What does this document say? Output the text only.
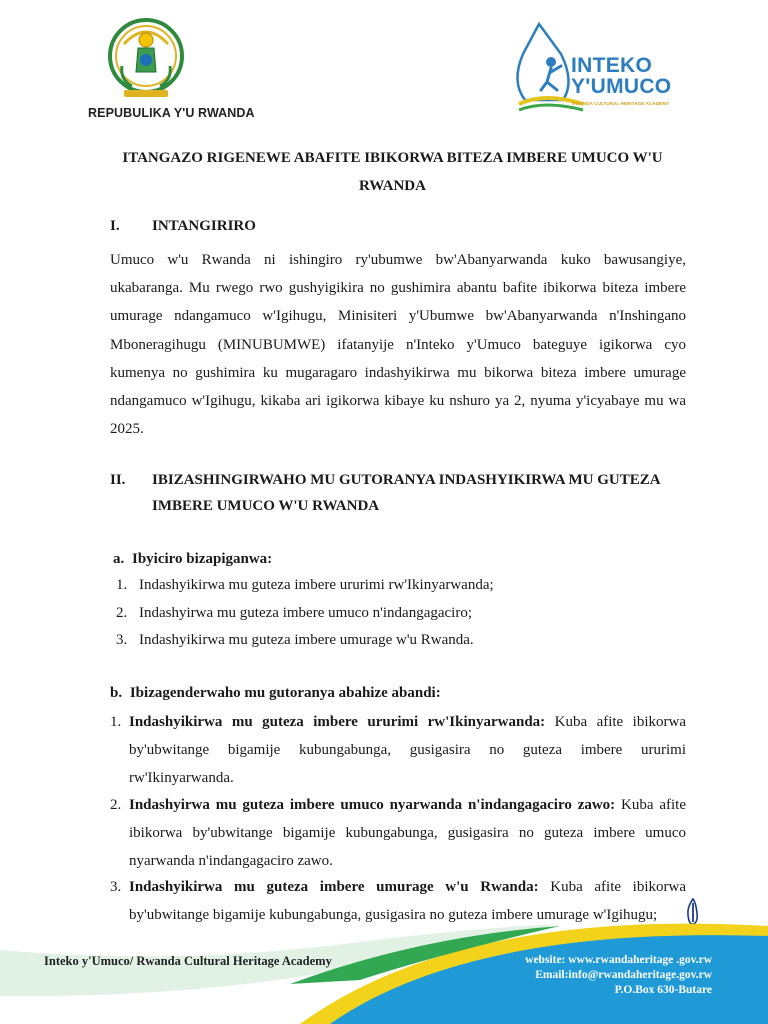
REPUBULIKA Y'U RWANDA
INTEKO
Y'UMUCO
RWANDA CULTURAL HERITAGE ACADEMY
ITANGAZO RIGENEWE ABAFITE IBIKORWA BITEZA IMBERE UMUCO W'U RWANDA
I. INTANGIRIRO
Umuco w'u Rwanda ni ishingiro ry'ubumwe bw'Abanyarwanda kuko bawusangiye, ukabaranga. Mu rwego rwo gushyigikira no gushimira abantu bafite ibikorwa biteza imbere umurage ndangamuco w'Igihugu, Minisiteri y'Ubumwe bw'Abanyarwanda n'Inshingano Mboneragihugu (MINUBUMWE) ifatanyije n'Inteko y'Umuco bateguye igikorwa cyo kumenya no gushimira ku mugaragaro indashyikirwa mu bikorwa biteza imbere umurage ndangamuco w'Igihugu, kikaba ari igikorwa kibaye ku nshuro ya 2, nyuma y'icyabaye mu wa 2025.
II. IBIZASHINGIRWAHO MU GUTORANYA INDASHYIKIRWA MU GUTEZA
IMBERE UMUCO W'U RWANDA
a. Ibyiciro bizapiganwa:
1. Indashyikirwa mu guteza imbere ururimi rw'Ikinyarwanda;
2. Indashyirwa mu guteza imbere umuco n'indangagaciro;
3. Indashyikirwa mu guteza imbere umurage w'u Rwanda.
b. Ibizagenderwaho mu gutoranya abahize abandi:
1. Indashyikirwa mu guteza imbere ururimi rw'Ikinyarwanda: Kuba afite ibikorwa by'ubwitange bigamije kubungabunga, gusigasira no guteza imbere ururimi rw'Ikinyarwanda.
2. Indashyirwa mu guteza imbere umuco nyarwanda n'indangagaciro zawo: Kuba afite ibikorwa by'ubwitange bigamije kubungabunga, gusigasira no guteza imbere umuco nyarwanda n'indangagaciro zawo.
3. Indashyikirwa mu guteza imbere umurage w'u Rwanda: Kuba afite ibikorwa by'ubwitange bigamije kubungabunga, gusigasira no guteza imbere umurage w'Igihugu;
Inteko y'Umuco/ Rwanda Cultural Heritage Academy	website: www.rwandaheritage .gov.rw
Email:info@rwandaheritage.gov.rw
P.O.Box 630-Butare
